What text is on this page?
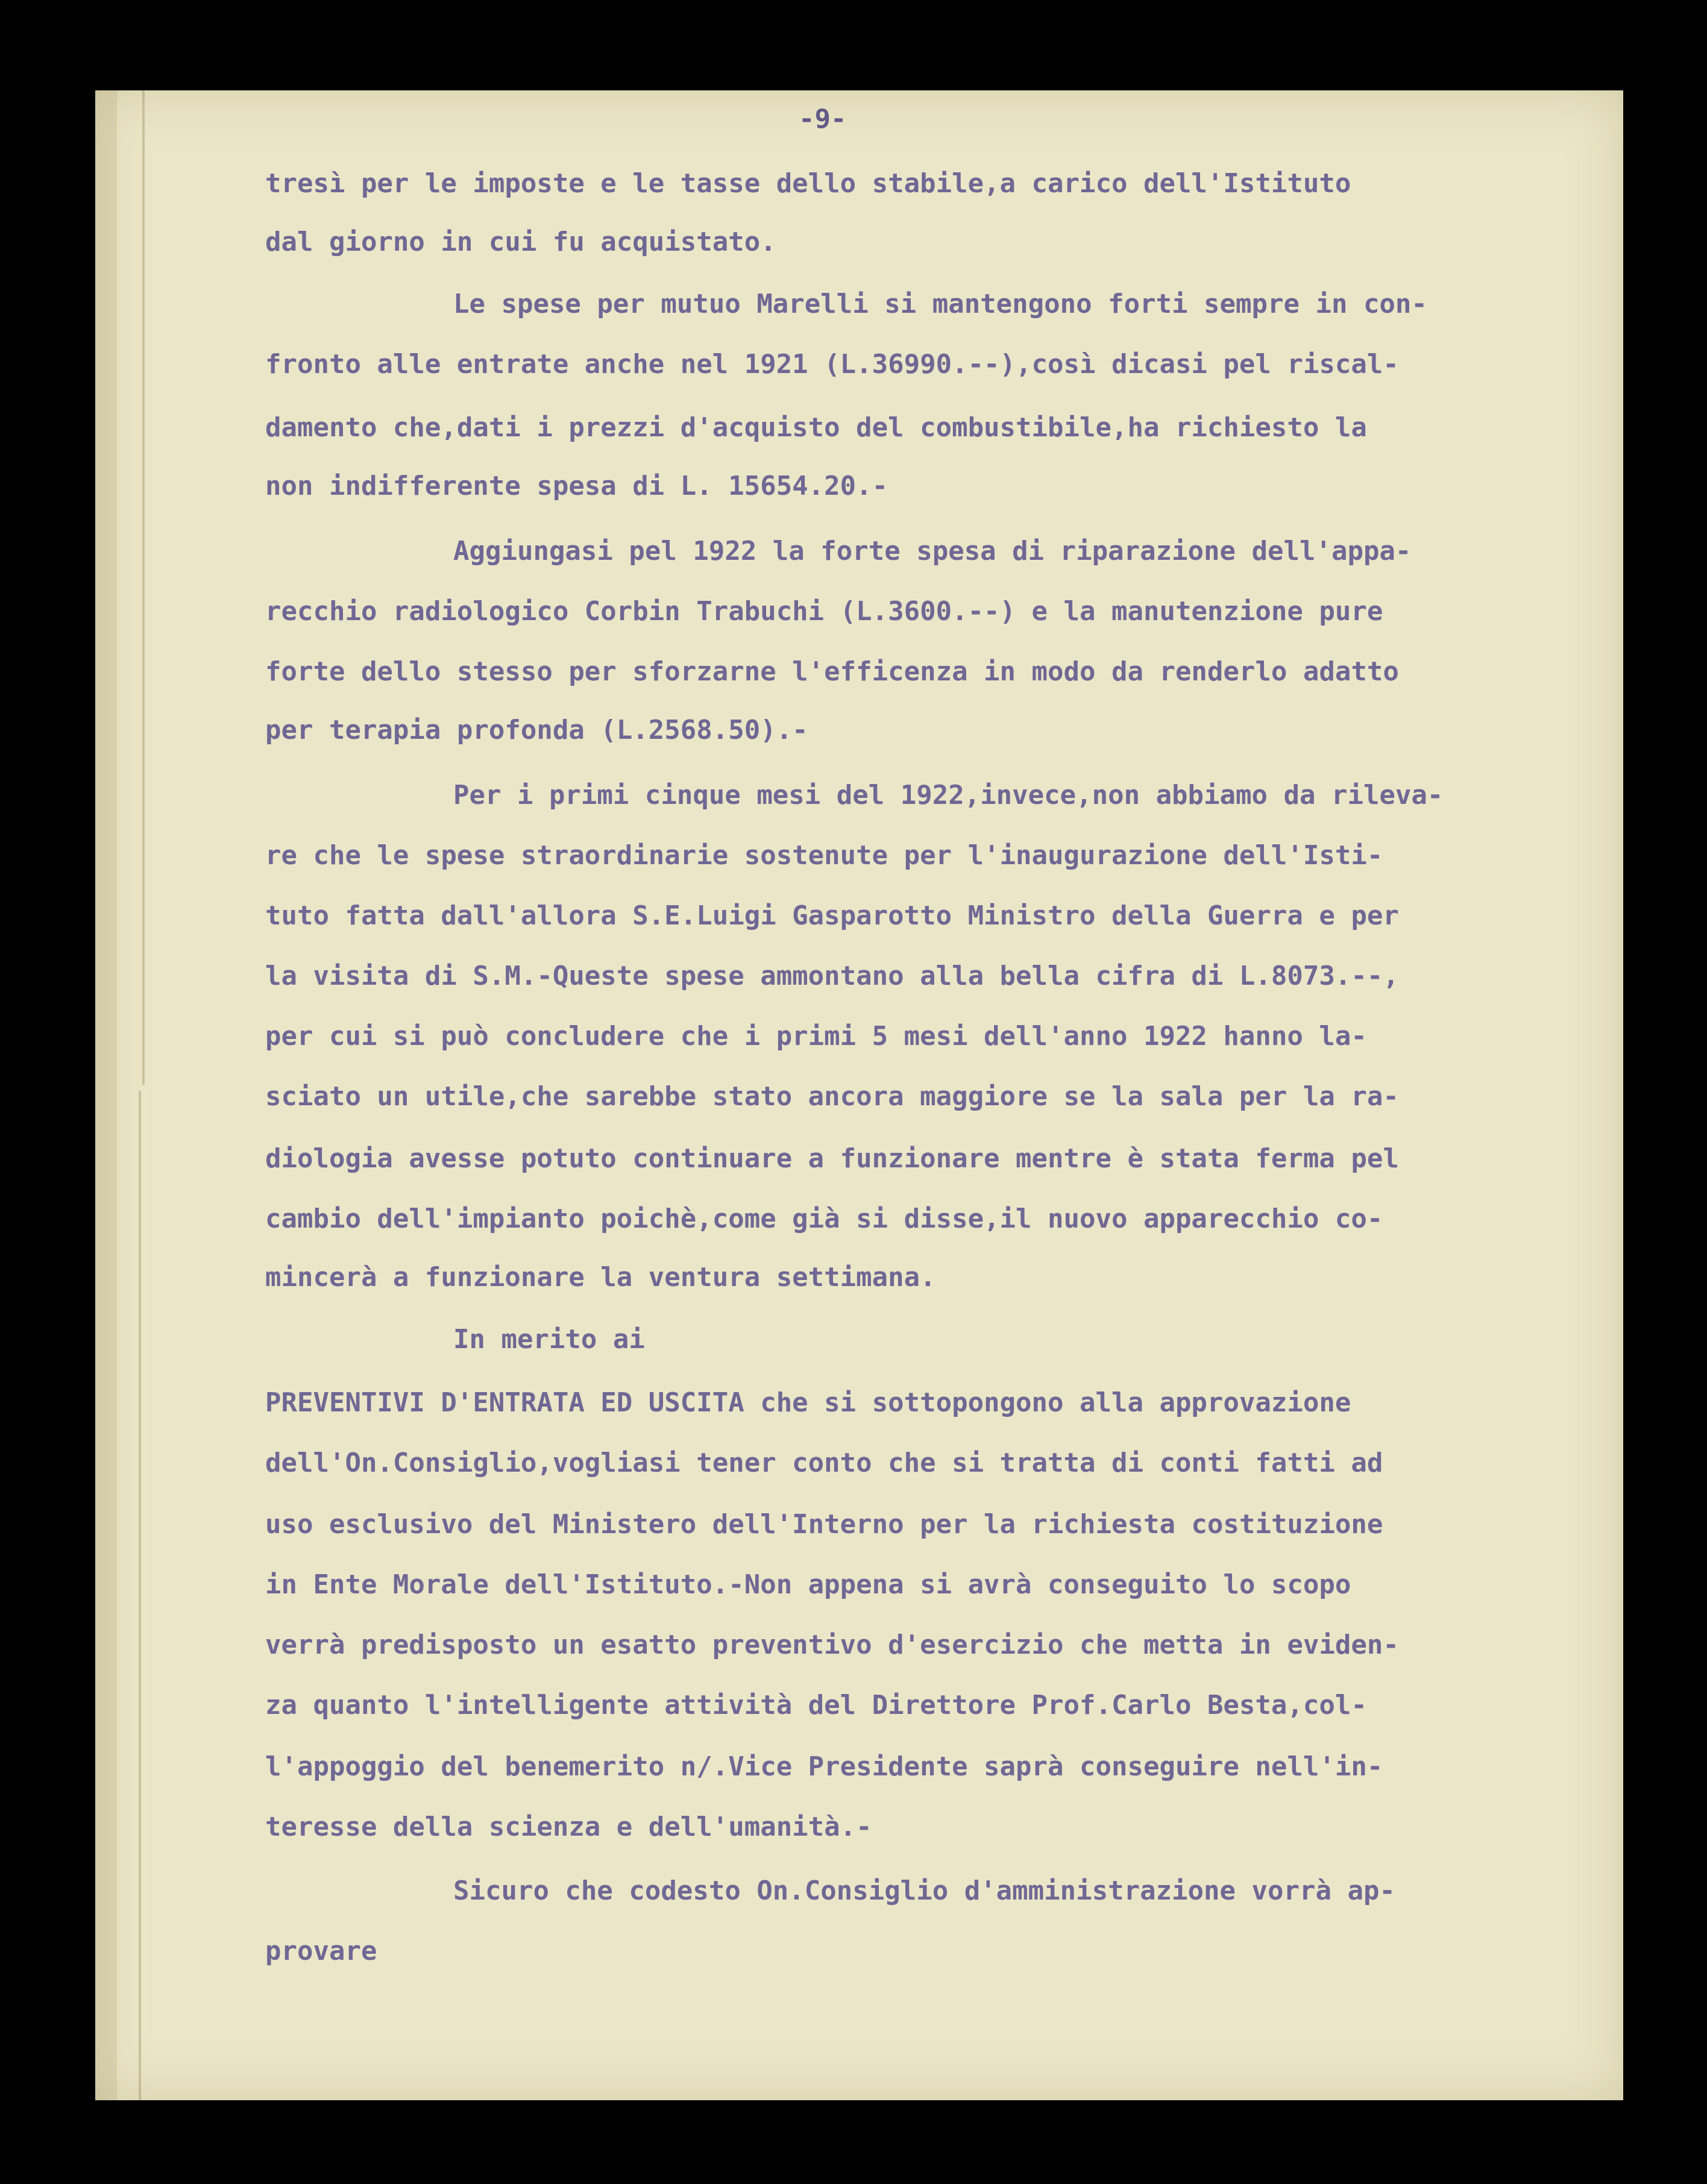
-9-
tresì per le imposte e le tasse dello stabile,a carico dell'Istituto
dal giorno in cui fu acquistato.
Le spese per mutuo Marelli si mantengono forti sempre in con-
fronto alle entrate anche nel 1921 (L.36990.--),così dicasi pel riscal-
damento che,dati i prezzi d'acquisto del combustibile,ha richiesto la
non indifferente spesa di L. 15654.20.-
Aggiungasi pel 1922 la forte spesa di riparazione dell'appa-
recchio radiologico Corbin Trabuchi (L.3600.--) e la manutenzione pure
forte dello stesso per sforzarne l'efficenza in modo da renderlo adatto
per terapia profonda (L.2568.50).-
Per i primi cinque mesi del 1922,invece,non abbiamo da rileva-
re che le spese straordinarie sostenute per l'inaugurazione dell'Isti-
tuto fatta dall'allora S.E.Luigi Gasparotto Ministro della Guerra e per
la visita di S.M.-Queste spese ammontano alla bella cifra di L.8073.--,
per cui si può concludere che i primi 5 mesi dell'anno 1922 hanno la-
sciato un utile,che sarebbe stato ancora maggiore se la sala per la ra-
diologia avesse potuto continuare a funzionare mentre è stata ferma pel
cambio dell'impianto poichè,come già si disse,il nuovo apparecchio co-
mincerà a funzionare la ventura settimana.
In merito ai
PREVENTIVI D'ENTRATA ED USCITA che si sottopongono alla approvazione
dell'On.Consiglio,vogliasi tener conto che si tratta di conti fatti ad
uso esclusivo del Ministero dell'Interno per la richiesta costituzione
in Ente Morale dell'Istituto.-Non appena si avrà conseguito lo scopo
verrà predisposto un esatto preventivo d'esercizio che metta in eviden-
za quanto l'intelligente attività del Direttore Prof.Carlo Besta,col-
l'appoggio del benemerito n/.Vice Presidente saprà conseguire nell'in-
teresse della scienza e dell'umanità.-
Sicuro che codesto On.Consiglio d'amministrazione vorrà ap-
provare
